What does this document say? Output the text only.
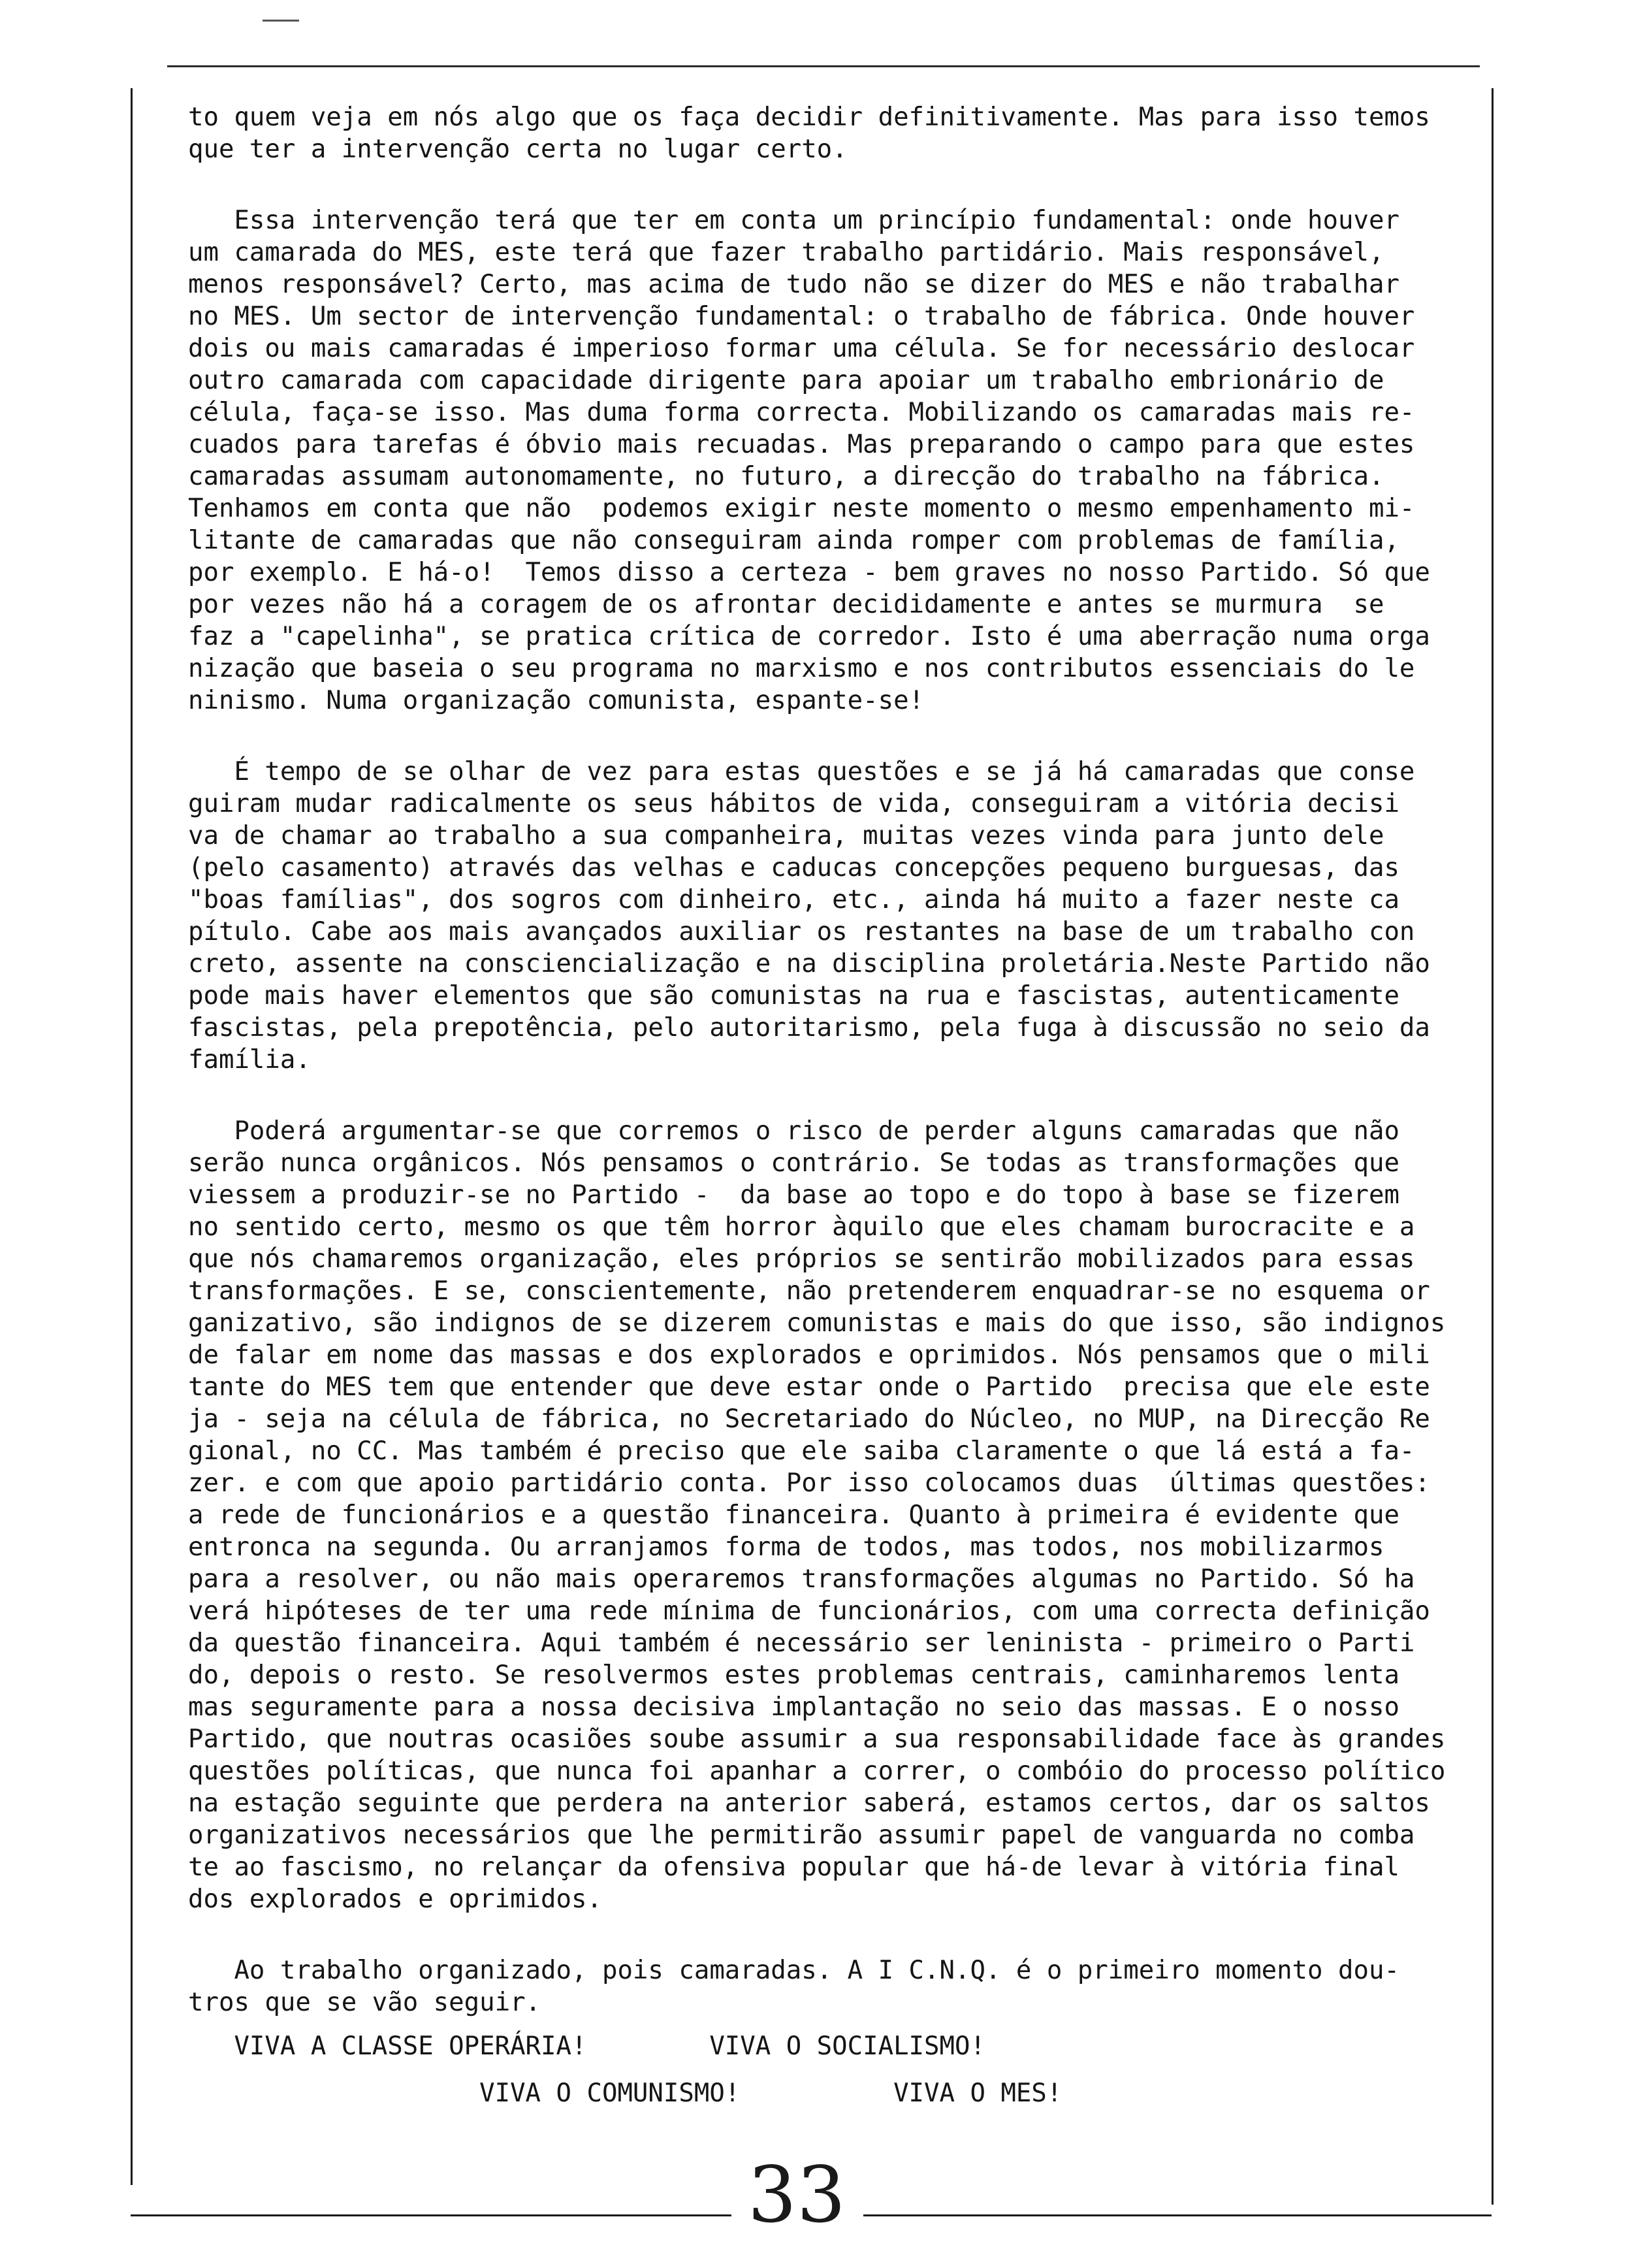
to quem veja em nós algo que os faça decidir definitivamente. Mas para isso temos
que ter a intervenção certa no lugar certo.
Essa intervenção terá que ter em conta um princípio fundamental: onde houver
um camarada do MES, este terá que fazer trabalho partidário. Mais responsável,
menos responsável? Certo, mas acima de tudo não se dizer do MES e não trabalhar
no MES. Um sector de intervenção fundamental: o trabalho de fábrica. Onde houver
dois ou mais camaradas é imperioso formar uma célula. Se for necessário deslocar
outro camarada com capacidade dirigente para apoiar um trabalho embrionário de
célula, faça-se isso. Mas duma forma correcta. Mobilizando os camaradas mais re-
cuados para tarefas é óbvio mais recuadas. Mas preparando o campo para que estes
camaradas assumam autonomamente, no futuro, a direcção do trabalho na fábrica.
Tenhamos em conta que não  podemos exigir neste momento o mesmo empenhamento mi-
litante de camaradas que não conseguiram ainda romper com problemas de família,
por exemplo. E há-o!  Temos disso a certeza - bem graves no nosso Partido. Só que
por vezes não há a coragem de os afrontar decididamente e antes se murmura  se
faz a "capelinha", se pratica crítica de corredor. Isto é uma aberração numa orga
nização que baseia o seu programa no marxismo e nos contributos essenciais do le
ninismo. Numa organização comunista, espante-se!
É tempo de se olhar de vez para estas questões e se já há camaradas que conse
guiram mudar radicalmente os seus hábitos de vida, conseguiram a vitória decisi
va de chamar ao trabalho a sua companheira, muitas vezes vinda para junto dele
(pelo casamento) através das velhas e caducas concepções pequeno burguesas, das
"boas famílias", dos sogros com dinheiro, etc., ainda há muito a fazer neste ca
pítulo. Cabe aos mais avançados auxiliar os restantes na base de um trabalho con
creto, assente na consciencialização e na disciplina proletária.Neste Partido não
pode mais haver elementos que são comunistas na rua e fascistas, autenticamente
fascistas, pela prepotência, pelo autoritarismo, pela fuga à discussão no seio da
família.
Poderá argumentar-se que corremos o risco de perder alguns camaradas que não
serão nunca orgânicos. Nós pensamos o contrário. Se todas as transformações que
viessem a produzir-se no Partido -  da base ao topo e do topo à base se fizerem
no sentido certo, mesmo os que têm horror àquilo que eles chamam burocracite e a
que nós chamaremos organização, eles próprios se sentirão mobilizados para essas
transformações. E se, conscientemente, não pretenderem enquadrar-se no esquema or
ganizativo, são indignos de se dizerem comunistas e mais do que isso, são indignos
de falar em nome das massas e dos explorados e oprimidos. Nós pensamos que o mili
tante do MES tem que entender que deve estar onde o Partido  precisa que ele este
ja - seja na célula de fábrica, no Secretariado do Núcleo, no MUP, na Direcção Re
gional, no CC. Mas também é preciso que ele saiba claramente o que lá está a fa-
zer. e com que apoio partidário conta. Por isso colocamos duas  últimas questões:
a rede de funcionários e a questão financeira. Quanto à primeira é evidente que
entronca na segunda. Ou arranjamos forma de todos, mas todos, nos mobilizarmos
para a resolver, ou não mais operaremos transformações algumas no Partido. Só ha
verá hipóteses de ter uma rede mínima de funcionários, com uma correcta definição
da questão financeira. Aqui também é necessário ser leninista - primeiro o Parti
do, depois o resto. Se resolvermos estes problemas centrais, caminharemos lenta
mas seguramente para a nossa decisiva implantação no seio das massas. E o nosso
Partido, que noutras ocasiões soube assumir a sua responsabilidade face às grandes
questões políticas, que nunca foi apanhar a correr, o combóio do processo político
na estação seguinte que perdera na anterior saberá, estamos certos, dar os saltos
organizativos necessários que lhe permitirão assumir papel de vanguarda no comba
te ao fascismo, no relançar da ofensiva popular que há-de levar à vitória final
dos explorados e oprimidos.
Ao trabalho organizado, pois camaradas. A I C.N.Q. é o primeiro momento dou-
tros que se vão seguir.
VIVA A CLASSE OPERÁRIA!        VIVA O SOCIALISMO!
VIVA O COMUNISMO!          VIVA O MES!
33
